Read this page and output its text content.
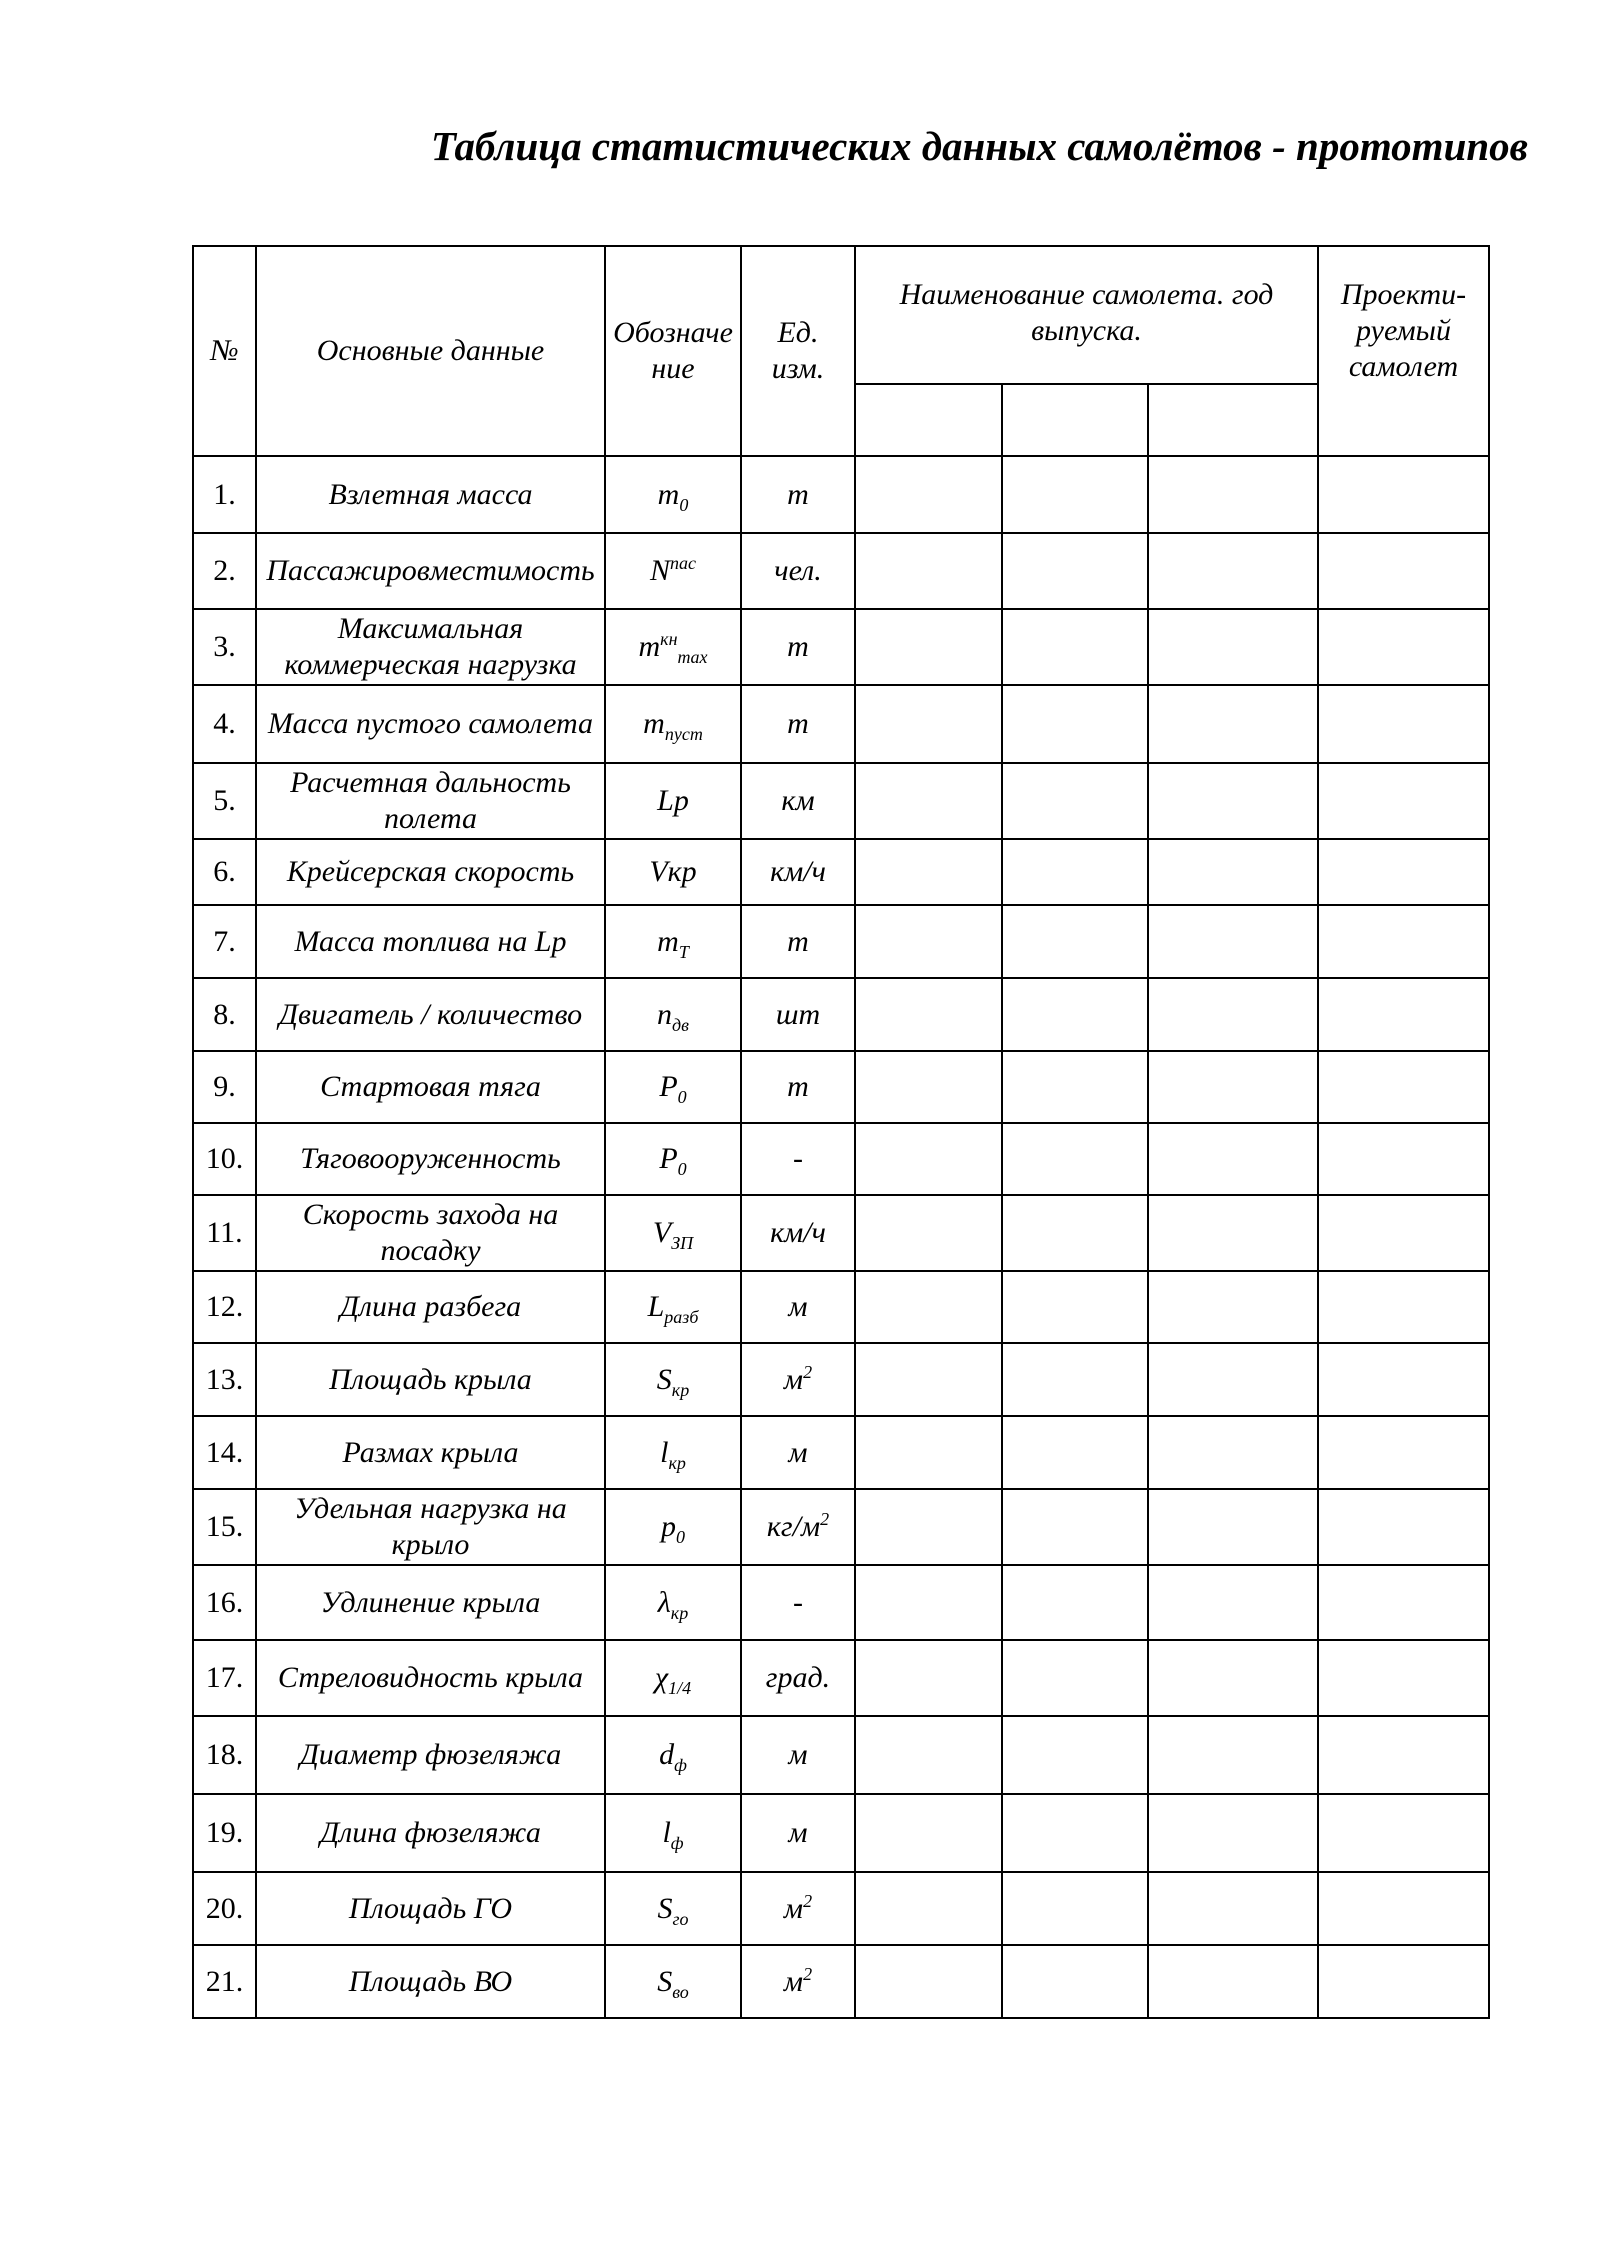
Таблица статистических данных самолётов - прототипов
№	Основные данные	Обозначение	Ед. изм.	Наименование самолета. год выпуска.			Проекти-руемый самолет

1.	Взлетная масса	$m_0$	т				
2.	Пассажировместимость	$N^{пас}$	чел.				
3.	Максимальная коммерческая нагрузка	$m^{кн}_{max}$	т				
4.	Масса пустого самолета	$m_{пуст}$	т				
5.	Расчетная дальность полета	Lp	км				
6.	Крейсерская скорость	Vкр	км/ч				
7.	Масса топлива на Lp	$m_T$	т				
8.	Двигатель / количество	$n_{дв}$	шт				
9.	Стартовая тяга	$P_0$	т				
10.	Тяговооруженность	$P_0$	-				
11.	Скорость захода на посадку	$V_{ЗП}$	км/ч				
12.	Длина разбега	$L_{разб}$	м				
13.	Площадь крыла	$S_{кр}$	$м^2$				
14.	Размах крыла	$l_{кр}$	м				
15.	Удельная нагрузка на крыло	$p_0$	$кг/м^2$				
16.	Удлинение крыла	$\lambda_{кр}$	-				
17.	Стреловидность крыла	$\chi_{1/4}$	град.				
18.	Диаметр фюзеляжа	$d_ф$	м				
19.	Длина фюзеляжа	$l_ф$	м				
20.	Площадь ГО	$S_{го}$	$м^2$				
21.	Площадь ВО	$S_{во}$	$м^2$				
